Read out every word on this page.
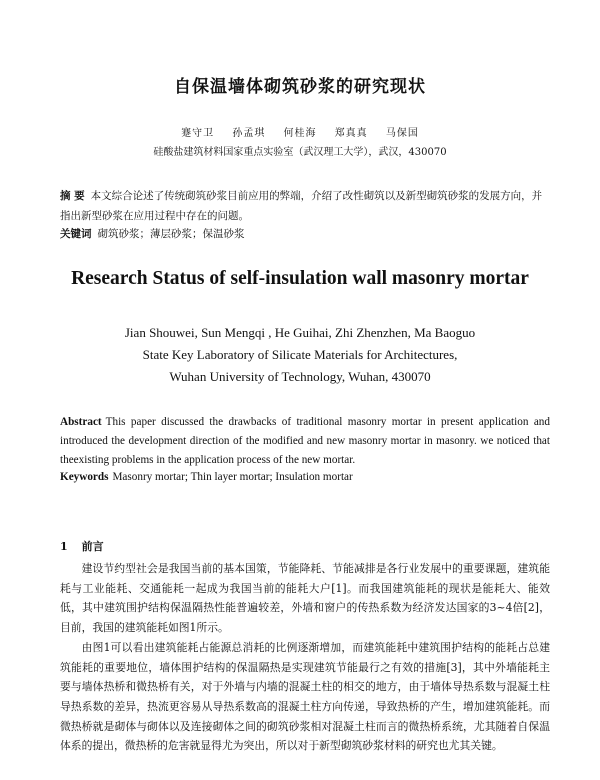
自保温墙体砌筑砂浆的研究现状
蹇守卫 孙孟琪 何桂海 郑真真 马保国
硅酸盐建筑材料国家重点实验室（武汉理工大学），武汉，430070
摘 要 本文综合论述了传统砌筑砂浆目前应用的弊端，介绍了改性砌筑以及新型砌筑砂浆的发展方向，并指出新型砂浆在应用过程中存在的问题。
关键词 砌筑砂浆；薄层砂浆；保温砂浆
Research Status of self-insulation wall masonry mortar
Jian Shouwei, Sun Mengqi , He Guihai, Zhi Zhenzhen, Ma Baoguo
State Key Laboratory of Silicate Materials for Architectures,
Wuhan University of Technology, Wuhan, 430070
Abstract This paper discussed the drawbacks of traditional masonry mortar in present application and introduced the development direction of the modified and new masonry mortar in masonry. we noticed that theexisting problems in the application process of the new mortar.
Keywords Masonry mortar; Thin layer mortar; Insulation mortar
1 前言

建设节约型社会是我国当前的基本国策，节能降耗、节能减排是各行业发展中的重要课题，建筑能耗与工业能耗、交通能耗一起成为我国当前的能耗大户[1]。而我国建筑能耗的现状是能耗大、能效低，其中建筑围护结构保温隔热性能普遍较差，外墙和窗户的传热系数为经济发达国家的3~4倍[2]，目前，我国的建筑能耗如图1所示。

由图1可以看出建筑能耗占能源总消耗的比例逐渐增加，而建筑能耗中建筑围护结构的能耗占总建筑能耗的重要地位，墙体围护结构的保温隔热是实现建筑节能最行之有效的措施[3]，其中外墙能耗主要与墙体热桥和微热桥有关，对于外墙与内墙的混凝土柱的相交的地方，由于墙体导热系数与混凝土柱导热系数的差异，热流更容易从导热系数高的混凝土柱方向传递，导致热桥的产生，增加建筑能耗。而微热桥就是砌体与砌体以及连接砌体之间的砌筑砂浆相对混凝土柱而言的微热桥系统，尤其随着自保温体系的提出，微热桥的危害就显得尤为突出，所以对于新型砌筑砂浆材料的研究也尤其关键。
